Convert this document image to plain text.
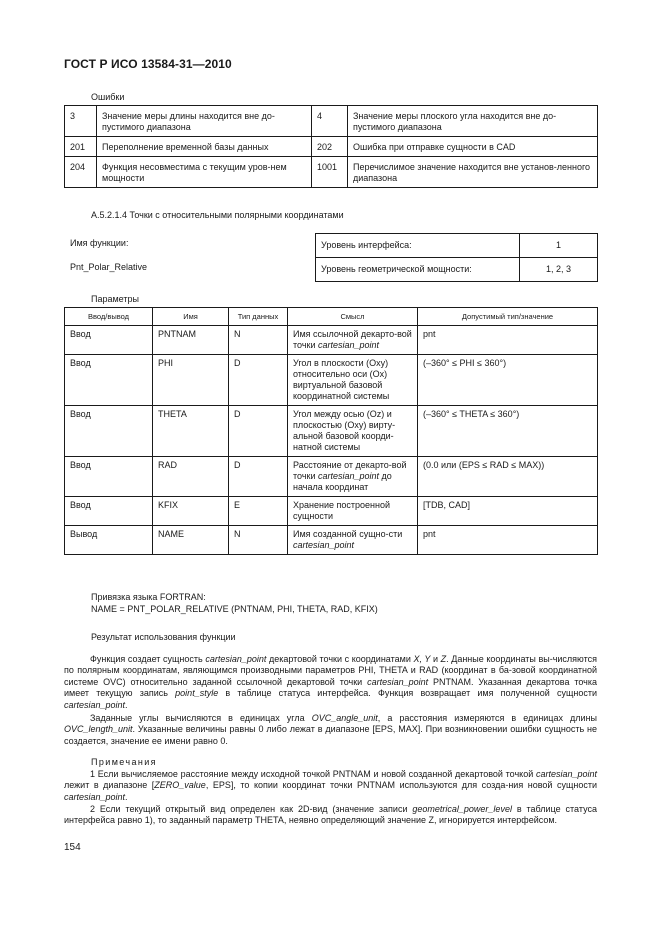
ГОСТ Р ИСО 13584-31—2010
Ошибки
3	Значение меры длины находится вне до-пустимого диапазона	4	Значение меры плоского угла находится вне до-пустимого диапазона
201	Переполнение временной базы данных	202	Ошибка при отправке сущности в CAD
204	Функция несовместима с текущим уров-нем мощности	1001	Перечислимое значение находится вне установ-ленного диапазона
А.5.2.1.4 Точки с относительными полярными координатами
Имя функции:
Pnt_Polar_Relative
Уровень интерфейса:	1
Уровень геометрической мощности:	1, 2, 3
Параметры
Ввод/вывод	Имя	Тип данных	Смысл	Допустимый тип/значение
Ввод	PNTNAM	N	Имя ссылочной декарто-вой точки cartesian_point	pnt
Ввод	PHI	D	Угол в плоскости (Oxy) относительно оси (Ox) виртуальной базовой координатной системы	(–360° ≤ PHI ≤ 360°)
Ввод	THETA	D	Угол между осью (Oz) и плоскостью (Oxy) вирту-альной базовой коорди-натной системы	(–360° ≤ THETA ≤ 360°)
Ввод	RAD	D	Расстояние от декарто-вой точки cartesian_point до начала координат	(0.0 или (EPS ≤ RAD ≤ MAX))
Ввод	KFIX	E	Хранение построенной сущности	[TDB, CAD]
Вывод	NAME	N	Имя созданной сущно-сти cartesian_point	pnt
Привязка языка FORTRAN:
NAME = PNT_POLAR_RELATIVE (PNTNAM, PHI, THETA, RAD, KFIX)
Результат использования функции

Функция создает сущность cartesian_point декартовой точки с координатами X, Y и Z. Данные координаты вы-числяются по полярным координатам, являющимся производными параметров PHI, THETA и RAD (координат в ба-зовой координатной системе OVC) относительно заданной ссылочной декартовой точки cartesian_point PNTNAM. Указанная декартова точка имеет текущую запись point_style в таблице статуса интерфейса. Функция возвращает имя полученной сущности cartesian_point.

Заданные углы вычисляются в единицах угла OVC_angle_unit, а расстояния измеряются в единицах длины OVC_length_unit. Указанные величины равны 0 либо лежат в диапазоне [EPS, MAX]. При возникновении ошибки сущность не создается, значение ее имени равно 0.

Примечания

1 Если вычисляемое расстояние между исходной точкой PNTNAM и новой созданной декартовой точкой cartesian_point лежит в диапазоне [ZERO_value, EPS], то копии координат точки PNTNAM используются для созда-ния новой сущности cartesian_point.

2 Если текущий открытый вид определен как 2D-вид (значение записи geometrical_power_level в таблице статуса интерфейса равно 1), то заданный параметр THETA, неявно определяющий значение Z, игнорируется интерфейсом.

154
